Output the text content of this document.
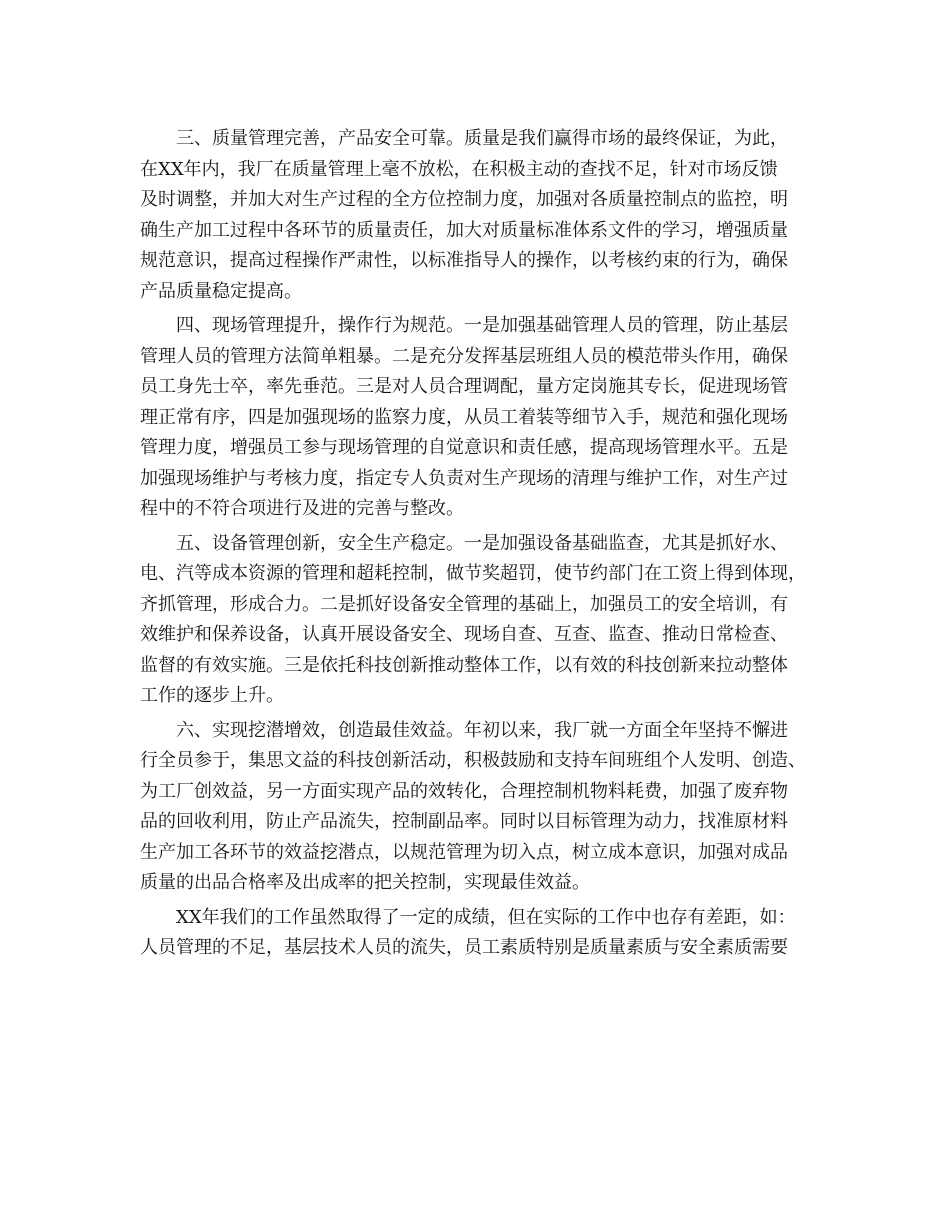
　　三、质量管理完善，产品安全可靠。质量是我们赢得市场的最终保证，为此，
在XX年内，我厂在质量管理上毫不放松，在积极主动的查找不足，针对市场反馈
及时调整，并加大对生产过程的全方位控制力度，加强对各质量控制点的监控，明
确生产加工过程中各环节的质量责任，加大对质量标准体系文件的学习，增强质量
规范意识，提高过程操作严肃性，以标准指导人的操作，以考核约束的行为，确保
产品质量稳定提高。
　　四、现场管理提升，操作行为规范。一是加强基础管理人员的管理，防止基层
管理人员的管理方法简单粗暴。二是充分发挥基层班组人员的模范带头作用，确保
员工身先士卒，率先垂范。三是对人员合理调配，量方定岗施其专长，促进现场管
理正常有序，四是加强现场的监察力度，从员工着装等细节入手，规范和强化现场
管理力度，增强员工参与现场管理的自觉意识和责任感，提高现场管理水平。五是
加强现场维护与考核力度，指定专人负责对生产现场的清理与维护工作，对生产过
程中的不符合项进行及进的完善与整改。
　　五、设备管理创新，安全生产稳定。一是加强设备基础监查，尤其是抓好水、
电、汽等成本资源的管理和超耗控制，做节奖超罚，使节约部门在工资上得到体现，
齐抓管理，形成合力。二是抓好设备安全管理的基础上，加强员工的安全培训，有
效维护和保养设备，认真开展设备安全、现场自查、互查、监查、推动日常检查、
监督的有效实施。三是依托科技创新推动整体工作，以有效的科技创新来拉动整体
工作的逐步上升。
　　六、实现挖潜增效，创造最佳效益。年初以来，我厂就一方面全年坚持不懈进
行全员参于，集思文益的科技创新活动，积极鼓励和支持车间班组个人发明、创造、
为工厂创效益，另一方面实现产品的效转化，合理控制机物料耗费，加强了废弃物
品的回收利用，防止产品流失，控制副品率。同时以目标管理为动力，找准原材料
生产加工各环节的效益挖潜点，以规范管理为切入点，树立成本意识，加强对成品
质量的出品合格率及出成率的把关控制，实现最佳效益。
　　XX年我们的工作虽然取得了一定的成绩，但在实际的工作中也存有差距，如：
人员管理的不足，基层技术人员的流失，员工素质特别是质量素质与安全素质需要
